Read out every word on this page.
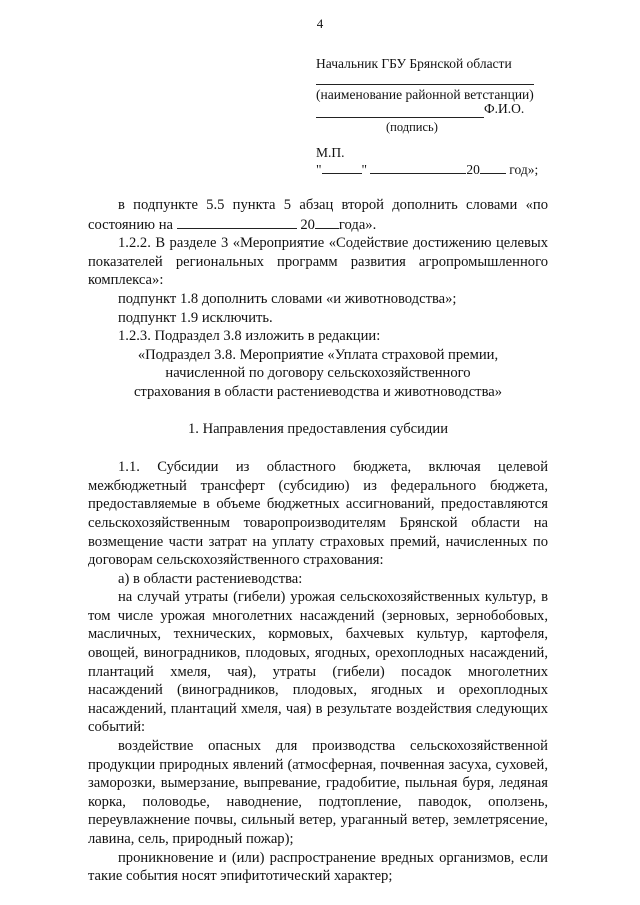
4
Начальник ГБУ Брянской области
(наименование районной ветстанции)
Ф.И.О.
(подпись)
М.П.
"	"	20 год»;

в подпункте 5.5 пункта 5 абзац второй дополнить словами «по состоянию на	20 года».

1.2.2. В разделе 3 «Мероприятие «Содействие достижению целевых показателей региональных программ развития агропромышленного комплекса»:

подпункт 1.8 дополнить словами «и животноводства»;

подпункт 1.9 исключить.

1.2.3. Подраздел 3.8 изложить в редакции:

«Подраздел 3.8. Мероприятие «Уплата страховой премии,

начисленной по договору сельскохозяйственного

страхования в области растениеводства и животноводства»

1. Направления предоставления субсидии

1.1. Субсидии из областного бюджета, включая целевой межбюджетный трансферт (субсидию) из федерального бюджета, предоставляемые в объеме бюджетных ассигнований, предоставляются сельскохозяйственным товаропроизводителям Брянской области на возмещение части затрат на уплату страховых премий, начисленных по договорам сельскохозяйственного страхования:

а) в области растениеводства:

на случай утраты (гибели) урожая сельскохозяйственных культур, в том числе урожая многолетних насаждений (зерновых, зернобобовых, масличных, технических, кормовых, бахчевых культур, картофеля, овощей, виноградников, плодовых, ягодных, орехоплодных насаждений, плантаций хмеля, чая), утраты (гибели) посадок многолетних насаждений (виноградников, плодовых, ягодных и орехоплодных насаждений, плантаций хмеля, чая) в результате воздействия следующих событий:

воздействие опасных для производства сельскохозяйственной продукции природных явлений (атмосферная, почвенная засуха, суховей, заморозки, вымерзание, выпревание, градобитие, пыльная буря, ледяная корка, половодье, наводнение, подтопление, паводок, оползень, переувлажнение почвы, сильный ветер, ураганный ветер, землетрясение, лавина, сель, природный пожар);

проникновение и (или) распространение вредных организмов, если такие события носят эпифитотический характер;
